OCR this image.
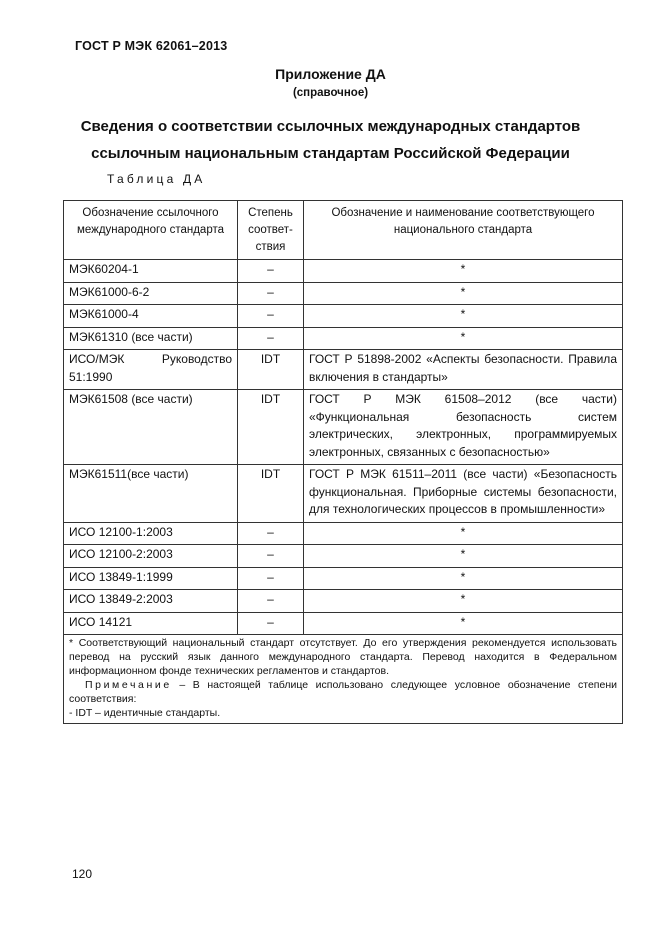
ГОСТ Р МЭК 62061–2013
Приложение ДА
(справочное)
Сведения о соответствии ссылочных международных стандартов
ссылочным национальным стандартам Российской Федерации
Таблица ДА
Обозначение ссылочного международного стандарта	Степень соответ-ствия	Обозначение и наименование соответствующего национального стандарта
МЭК60204-1	–	*
МЭК61000-6-2	–	*
МЭК61000-4	–	*
МЭК61310 (все части)	–	*
ИСО/МЭК Руководство 51:1990	IDT	ГОСТ Р 51898-2002 «Аспекты безопасности. Правила включения в стандарты»
МЭК61508 (все части)	IDT	ГОСТ Р МЭК 61508–2012 (все части) «Функциональная безопасность систем электрических, электронных, программируемых электронных, связанных с безопасностью»
МЭК61511(все части)	IDT	ГОСТ Р МЭК 61511–2011 (все части) «Безопасность функциональная. Приборные системы безопасности, для технологических процессов в промышленности»
ИСО 12100-1:2003	–	*
ИСО 12100-2:2003	–	*
ИСО 13849-1:1999	–	*
ИСО 13849-2:2003	–	*
ИСО 14121	–	*

* Соответствующий национальный стандарт отсутствует. До его утверждения рекомендуется использовать перевод на русский язык данного международного стандарта. Перевод находится в Федеральном информационном фонде технических регламентов и стандартов.

Примечание – В настоящей таблице использовано следующее условное обозначение степени соответствия:

- IDT – идентичные стандарты.		

120
